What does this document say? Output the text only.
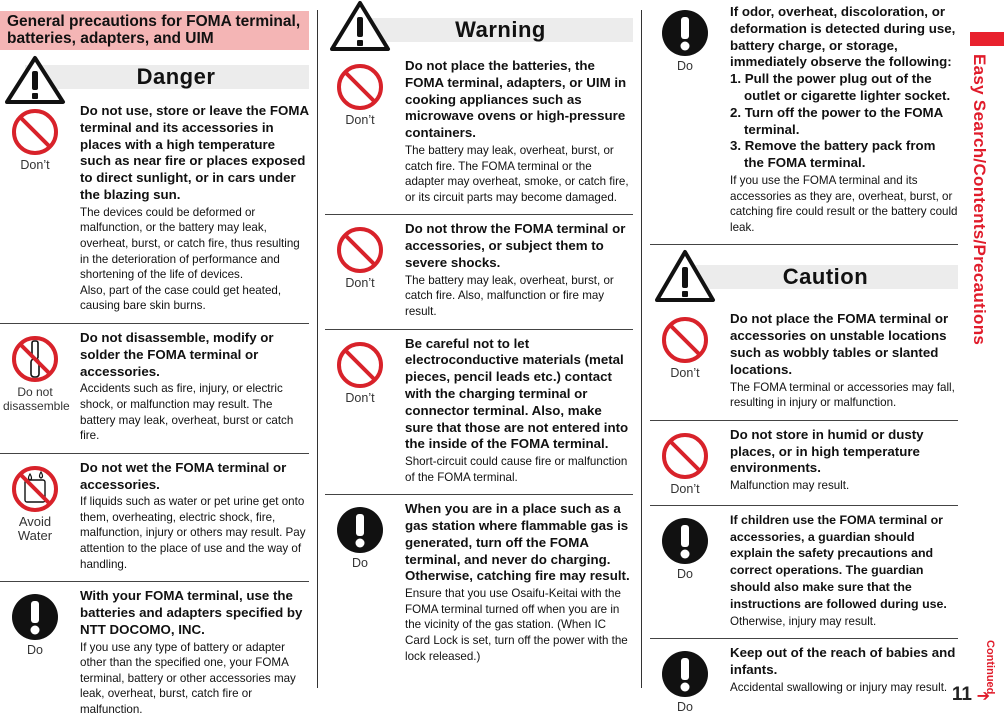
General precautions for FOMA terminal, batteries, adapters, and UIM
Danger
Don’t
Do not use, store or leave the FOMA terminal and its accessories in places with a high temperature such as near fire or places exposed to direct sunlight, or in cars under the blazing sun.

The devices could be deformed or malfunction, or the battery may leak, overheat, burst, or catch fire, thus resulting in the deterioration of performance and shortening of the life of devices.

Also, part of the case could get heated, causing bare skin burns.

Do not disassemble
Do not disassemble, modify or solder the FOMA terminal or accessories.

Accidents such as fire, injury, or electric shock, or malfunction may result. The battery may leak, overheat, burst or catch fire.

Avoid Water
Do not wet the FOMA terminal or accessories.

If liquids such as water or pet urine get onto them, overheating, electric shock, fire, malfunction, injury or others may result. Pay attention to the place of use and the way of handling.

Do
With your FOMA terminal, use the batteries and adapters specified by NTT DOCOMO, INC.

If you use any type of battery or adapter other than the specified one, your FOMA terminal, battery or other accessories may leak, overheat, burst, catch fire or malfunction.

Warning
Don’t
Do not place the batteries, the FOMA terminal, adapters, or UIM in cooking appliances such as microwave ovens or high-pressure containers.

The battery may leak, overheat, burst, or catch fire. The FOMA terminal or the adapter may overheat, smoke, or catch fire, or its circuit parts may become damaged.

Don’t
Do not throw the FOMA terminal or accessories, or subject them to severe shocks.

The battery may leak, overheat, burst, or catch fire. Also, malfunction or fire may result.

Don’t
Be careful not to let electroconductive materials (metal pieces, pencil leads etc.) contact with the charging terminal or connector terminal. Also, make sure that those are not entered into the inside of the FOMA terminal.

Short-circuit could cause fire or malfunction of the FOMA terminal.

Do
When you are in a place such as a gas station where flammable gas is generated, turn off the FOMA terminal, and never do charging. Otherwise, catching fire may result.

Ensure that you use Osaifu-Keitai with the FOMA terminal turned off when you are in the vicinity of the gas station. (When IC Card Lock is set, turn off the power with the lock released.)

Do
If odor, overheat, discoloration, or deformation is detected during use, battery charge, or storage, immediately observe the following:
1. Pull the power plug out of the outlet or cigarette lighter socket.
2. Turn off the power to the FOMA terminal.
3. Remove the battery pack from the FOMA terminal.

If you use the FOMA terminal and its accessories as they are, overheat, burst, or catching fire could result or the battery could leak.

Caution
Don’t
Do not place the FOMA terminal or accessories on unstable locations such as wobbly tables or slanted locations.

The FOMA terminal or accessories may fall, resulting in injury or malfunction.

Don’t
Do not store in humid or dusty places, or in high temperature environments.

Malfunction may result.

Do
If children use the FOMA terminal or accessories, a guardian should explain the safety precautions and correct operations. The guardian should also make sure that the instructions are followed during use.

Otherwise, injury may result.

Do
Keep out of the reach of babies and infants.

Accidental swallowing or injury may result.

Easy Search/Contents/Precautions
Continued
11 ➔
